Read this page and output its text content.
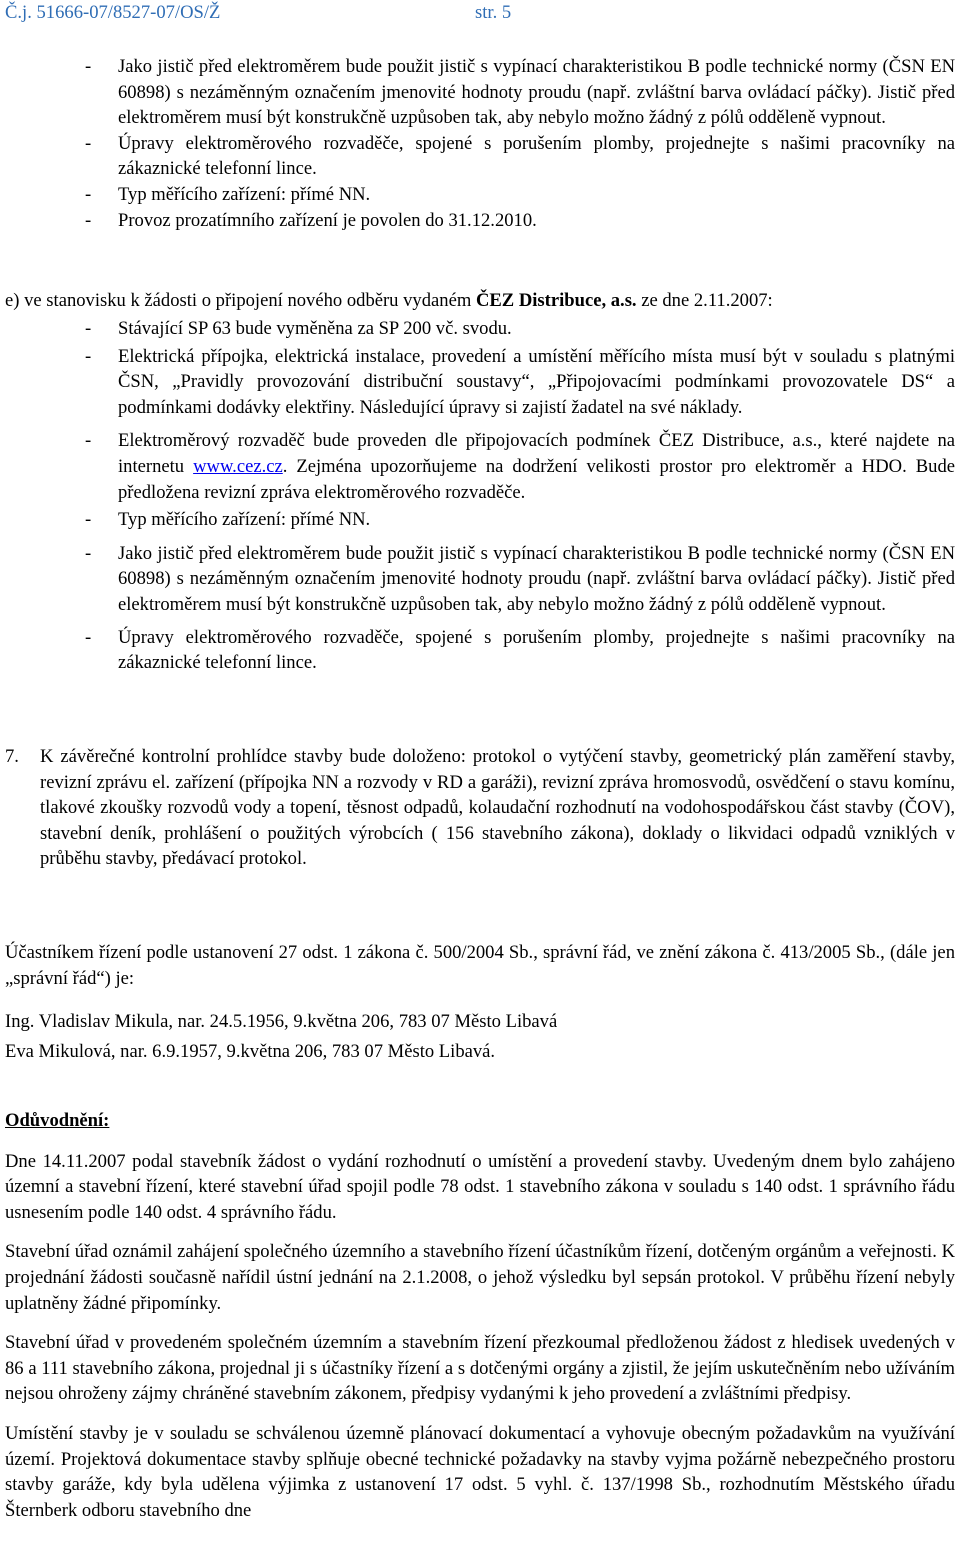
Č.j. 51666-07/8527-07/OS/Ž	str. 5
- Jako jistič před elektroměrem bude použit jistič s vypínací charakteristikou B podle technické normy (ČSN EN 60898) s nezáměnným označením jmenovité hodnoty proudu (např. zvláštní barva ovládací páčky). Jistič před elektroměrem musí být konstrukčně uzpůsoben tak, aby nebylo možno žádný z pólů odděleně vypnout.
- Úpravy elektroměrového rozvaděče, spojené s porušením plomby, projednejte s našimi pracovníky na zákaznické telefonní lince.
- Typ měřícího zařízení: přímé NN.
- Provoz prozatímního zařízení je povolen do 31.12.2010.

e) ve stanovisku k žádosti o připojení nového odběru vydaném ČEZ Distribuce, a.s. ze dne 2.11.2007:

- Stávající SP 63 bude vyměněna za SP 200 vč. svodu.
- Elektrická přípojka, elektrická instalace, provedení a umístění měřícího místa musí být v souladu s platnými ČSN, „Pravidly provozování distribuční soustavy“, „Připojovacími podmínkami provozovatele DS“ a podmínkami dodávky elektřiny. Následující úpravy si zajistí žadatel na své náklady.
- Elektroměrový rozvaděč bude proveden dle připojovacích podmínek ČEZ Distribuce, a.s., které najdete na internetu www.cez.cz. Zejména upozorňujeme na dodržení velikosti prostor pro elektroměr a HDO. Bude předložena revizní zpráva elektroměrového rozvaděče.
- Typ měřícího zařízení: přímé NN.
- Jako jistič před elektroměrem bude použit jistič s vypínací charakteristikou B podle technické normy (ČSN EN 60898) s nezáměnným označením jmenovité hodnoty proudu (např. zvláštní barva ovládací páčky). Jistič před elektroměrem musí být konstrukčně uzpůsoben tak, aby nebylo možno žádný z pólů odděleně vypnout.
- Úpravy elektroměrového rozvaděče, spojené s porušením plomby, projednejte s našimi pracovníky na zákaznické telefonní lince.
7. K závěrečné kontrolní prohlídce stavby bude doloženo: protokol o vytýčení stavby, geometrický plán zaměření stavby, revizní zprávu el. zařízení (přípojka NN a rozvody v RD a garáži), revizní zpráva hromosvodů, osvědčení o stavu komínu, tlakové zkoušky rozvodů vody a topení, těsnost odpadů, kolaudační rozhodnutí na vodohospodářskou část stavby (ČOV), stavební deník, prohlášení o použitých výrobcích ( 156 stavebního zákona), doklady o likvidaci odpadů vzniklých v průběhu stavby, předávací protokol.

Účastníkem řízení podle ustanovení 27 odst. 1 zákona č. 500/2004 Sb., správní řád, ve znění zákona č. 413/2005 Sb., (dále jen „správní řád“) je:

Ing. Vladislav Mikula, nar. 24.5.1956, 9.května 206, 783 07 Město Libavá

Eva Mikulová, nar. 6.9.1957, 9.května 206, 783 07 Město Libavá.

Odůvodnění:

Dne 14.11.2007 podal stavebník žádost o vydání rozhodnutí o umístění a provedení stavby. Uvedeným dnem bylo zahájeno územní a stavební řízení, které stavební úřad spojil podle 78 odst. 1 stavebního zákona v souladu s 140 odst. 1 správního řádu usnesením podle 140 odst. 4 správního řádu.

Stavební úřad oznámil zahájení společného územního a stavebního řízení účastníkům řízení, dotčeným orgánům a veřejnosti. K projednání žádosti současně nařídil ústní jednání na 2.1.2008, o jehož výsledku byl sepsán protokol. V průběhu řízení nebyly uplatněny žádné připomínky.

Stavební úřad v provedeném společném územním a stavebním řízení přezkoumal předloženou žádost z hledisek uvedených v 86 a 111 stavebního zákona, projednal ji s účastníky řízení a s dotčenými orgány a zjistil, že jejím uskutečněním nebo užíváním nejsou ohroženy zájmy chráněné stavebním zákonem, předpisy vydanými k jeho provedení a zvláštními předpisy.

Umístění stavby je v souladu se schválenou územně plánovací dokumentací a vyhovuje obecným požadavkům na využívání území. Projektová dokumentace stavby splňuje obecné technické požadavky na stavby vyjma požárně nebezpečného prostoru stavby garáže, kdy byla udělena výjimka z ustanovení 17 odst. 5 vyhl. č. 137/1998 Sb., rozhodnutím Městského úřadu Šternberk odboru stavebního dne
